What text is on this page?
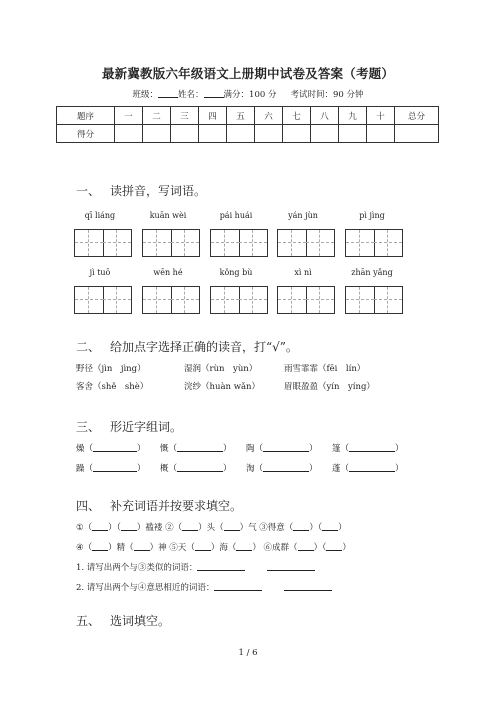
最新冀教版六年级语文上册期中试卷及答案（考题）
班级： 姓名： 满分：100 分 考试时间：90 分钟
题序	一	二	三	四	五	六	七	八	九	十	总分
得分											
一、 读拼音，写词语。
qī liáng	kuān wèi	pái huái	yán jùn	pì jìng
jì tuō	wēn hé	kǒng bù	xì nì	zhān yǎng
二、 给加点字选择正确的读音，打“√”。
野径（jìn　jìng）	湿润（rùn　yùn）	雨雪霏霏（fēi　lín）
客舍（shě　shè）	浣纱（huàn wǎn）	眉眼盈盈（yín　yíng）
三、 形近字组词。
燥（	） 慨（	） 陶（	） 篷（	）
躁（	） 概（	） 淘（	） 蓬（	）
四、 补充词语并按要求填空。
①（ ）（ ）褴褛 ②（ ）头（ ）气 ③得意（ ）（ ）
④（ ）精（ ）神 ⑤天（ ）海（ ） ⑥成群（ ）（ ）
1. 请写出两个与③类似的词语：
2. 请写出两个与④意思相近的词语：
五、 选词填空。
1 / 6
